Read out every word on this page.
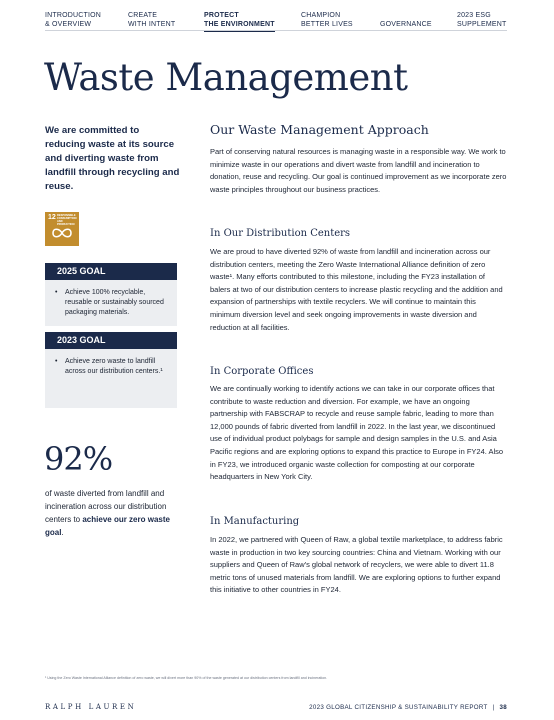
INTRODUCTION
& OVERVIEW
CREATE
WITH INTENT
PROTECT
THE ENVIRONMENT
CHAMPION
BETTER LIVES	GOVERNANCE
2023 ESG
SUPPLEMENT
Waste Management
We are committed to reducing waste at its source and diverting waste from landfill through recycling and reuse.
12 RESPONSIBLE CONSUMPTION AND PRODUCTION
2025 GOAL
• Achieve 100% recyclable, reusable or sustainably sourced packaging materials.
2023 GOAL
• Achieve zero waste to landfill across our distribution centers.¹
92%
of waste diverted from landfill and incineration across our distribution centers to achieve our zero waste goal.
Our Waste Management Approach

Part of conserving natural resources is managing waste in a responsible way. We work to minimize waste in our operations and divert waste from landfill and incineration to donation, reuse and recycling. Our goal is continued improvement as we incorporate zero waste principles throughout our business practices.

In Our Distribution Centers

We are proud to have diverted 92% of waste from landfill and incineration across our distribution centers, meeting the Zero Waste International Alliance definition of zero waste¹. Many efforts contributed to this milestone, including the FY23 installation of balers at two of our distribution centers to increase plastic recycling and the addition and expansion of partnerships with textile recyclers. We will continue to maintain this minimum diversion level and seek ongoing improvements in waste diversion and reduction at all facilities.

In Corporate Offices

We are continually working to identify actions we can take in our corporate offices that contribute to waste reduction and diversion. For example, we have an ongoing partnership with FABSCRAP to recycle and reuse sample fabric, leading to more than 12,000 pounds of fabric diverted from landfill in 2022. In the last year, we discontinued use of individual product polybags for sample and design samples in the U.S. and Asia Pacific regions and are exploring options to expand this practice to Europe in FY24. Also in FY23, we introduced organic waste collection for composting at our corporate headquarters in New York City.

In Manufacturing

In 2022, we partnered with Queen of Raw, a global textile marketplace, to address fabric waste in production in two key sourcing countries: China and Vietnam. Working with our suppliers and Queen of Raw's global network of recyclers, we were able to divert 11.8 metric tons of unused materials from landfill. We are exploring options to further expand this initiative to other countries in FY24.

¹ Using the Zero Waste International Alliance definition of zero waste, we will divert more than 90% of the waste generated at our distribution centers from landfill and incineration.
RALPH LAUREN	2023 GLOBAL CITIZENSHIP & SUSTAINABILITY REPORT | 38
